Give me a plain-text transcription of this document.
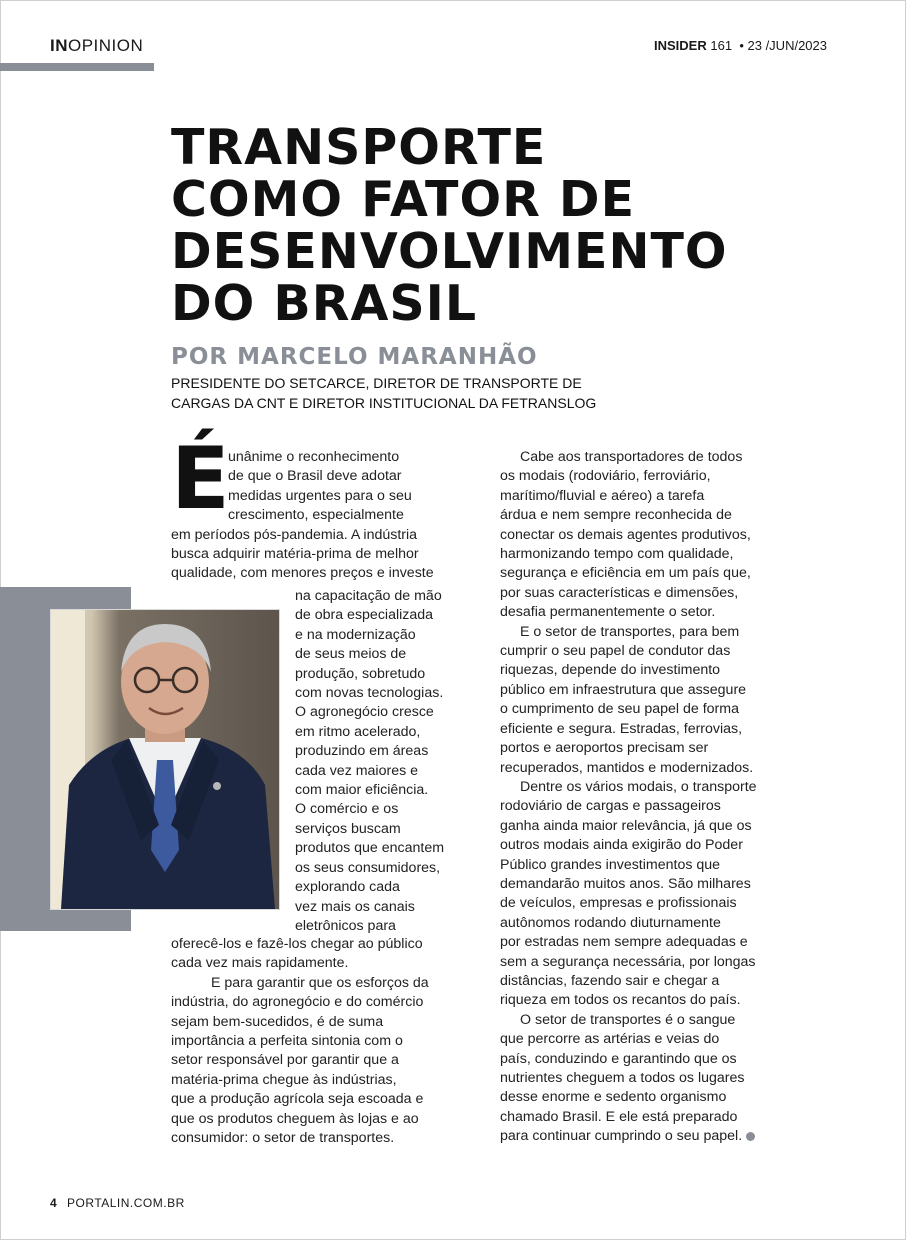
INOPINION	INSIDER 161 • 23 /JUN/2023
TRANSPORTE
COMO FATOR DE
DESENVOLVIMENTO
DO BRASIL
POR MARCELO MARANHÃO
PRESIDENTE DO SETCARCE, DIRETOR DE TRANSPORTE DE
CARGAS DA CNT E DIRETOR INSTITUCIONAL DA FETRANSLOG
É
unânime o reconhecimento
de que o Brasil deve adotar
medidas urgentes para o seu
crescimento, especialmente
em períodos pós-pandemia. A indústria
busca adquirir matéria-prima de melhor
qualidade, com menores preços e investe
na capacitação de mão
de obra especializada
e na modernização
de seus meios de
produção, sobretudo
com novas tecnologias.
O agronegócio cresce
em ritmo acelerado,
produzindo em áreas
cada vez maiores e
com maior eficiência.
O comércio e os
serviços buscam
produtos que encantem
os seus consumidores,
explorando cada
vez mais os canais
eletrônicos para
oferecê-los e fazê-los chegar ao público
cada vez mais rapidamente.
E para garantir que os esforços da
indústria, do agronegócio e do comércio
sejam bem-sucedidos, é de suma
importância a perfeita sintonia com o
setor responsável por garantir que a
matéria-prima chegue às indústrias,
que a produção agrícola seja escoada e
que os produtos cheguem às lojas e ao
consumidor: o setor de transportes.
Cabe aos transportadores de todos
os modais (rodoviário, ferroviário,
marítimo/fluvial e aéreo) a tarefa
árdua e nem sempre reconhecida de
conectar os demais agentes produtivos,
harmonizando tempo com qualidade,
segurança e eficiência em um país que,
por suas características e dimensões,
desafia permanentemente o setor.
E o setor de transportes, para bem
cumprir o seu papel de condutor das
riquezas, depende do investimento
público em infraestrutura que assegure
o cumprimento de seu papel de forma
eficiente e segura. Estradas, ferrovias,
portos e aeroportos precisam ser
recuperados, mantidos e modernizados.
Dentre os vários modais, o transporte
rodoviário de cargas e passageiros
ganha ainda maior relevância, já que os
outros modais ainda exigirão do Poder
Público grandes investimentos que
demandarão muitos anos. São milhares
de veículos, empresas e profissionais
autônomos rodando diuturnamente
por estradas nem sempre adequadas e
sem a segurança necessária, por longas
distâncias, fazendo sair e chegar a
riqueza em todos os recantos do país.
O setor de transportes é o sangue
que percorre as artérias e veias do
país, conduzindo e garantindo que os
nutrientes cheguem a todos os lugares
desse enorme e sedento organismo
chamado Brasil. E ele está preparado
para continuar cumprindo o seu papel.
4 PORTALIN.COM.BR
